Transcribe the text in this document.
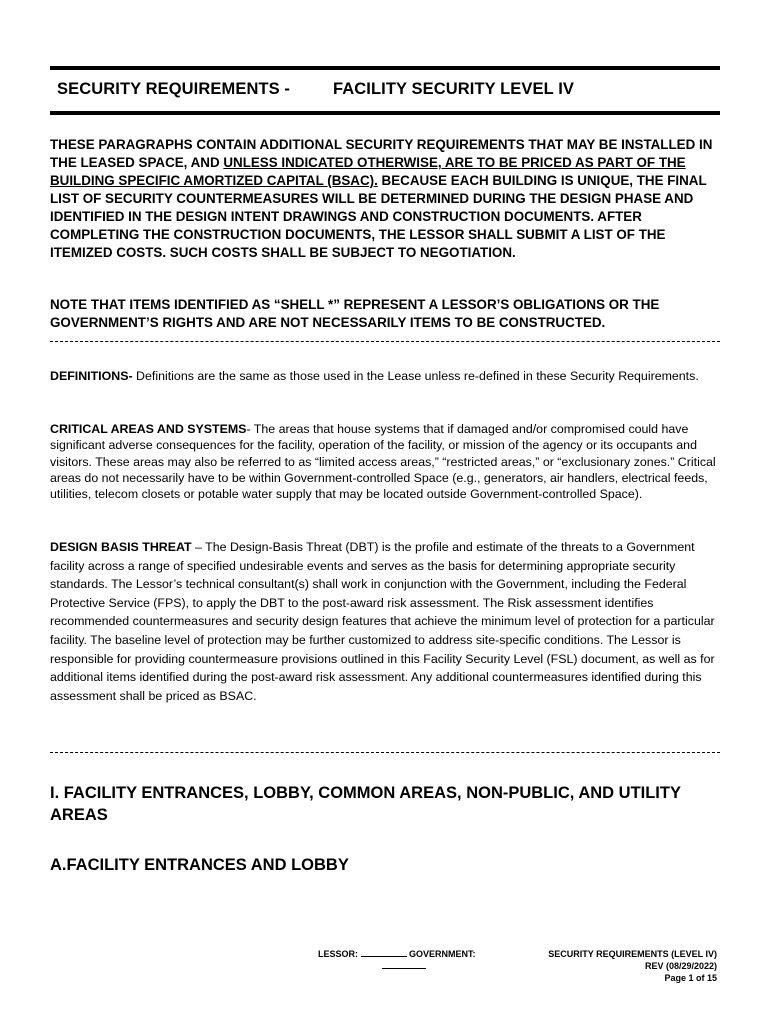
SECURITY REQUIREMENTS -	FACILITY SECURITY LEVEL IV

THESE PARAGRAPHS CONTAIN ADDITIONAL SECURITY REQUIREMENTS THAT MAY BE INSTALLED IN THE LEASED SPACE, AND UNLESS INDICATED OTHERWISE, ARE TO BE PRICED AS PART OF THE BUILDING SPECIFIC AMORTIZED CAPITAL (BSAC). BECAUSE EACH BUILDING IS UNIQUE, THE FINAL LIST OF SECURITY COUNTERMEASURES WILL BE DETERMINED DURING THE DESIGN PHASE AND IDENTIFIED IN THE DESIGN INTENT DRAWINGS AND CONSTRUCTION DOCUMENTS. AFTER COMPLETING THE CONSTRUCTION DOCUMENTS, THE LESSOR SHALL SUBMIT A LIST OF THE ITEMIZED COSTS. SUCH COSTS SHALL BE SUBJECT TO NEGOTIATION.

NOTE THAT ITEMS IDENTIFIED AS “SHELL *” REPRESENT A LESSOR’S OBLIGATIONS OR THE GOVERNMENT’S RIGHTS AND ARE NOT NECESSARILY ITEMS TO BE CONSTRUCTED.

DEFINITIONS- Definitions are the same as those used in the Lease unless re-defined in these Security Requirements.

CRITICAL AREAS AND SYSTEMS- The areas that house systems that if damaged and/or compromised could have significant adverse consequences for the facility, operation of the facility, or mission of the agency or its occupants and visitors. These areas may also be referred to as “limited access areas,” “restricted areas,” or “exclusionary zones.” Critical areas do not necessarily have to be within Government-controlled Space (e.g., generators, air handlers, electrical feeds, utilities, telecom closets or potable water supply that may be located outside Government-controlled Space).

DESIGN BASIS THREAT – The Design-Basis Threat (DBT) is the profile and estimate of the threats to a Government facility across a range of specified undesirable events and serves as the basis for determining appropriate security standards. The Lessor’s technical consultant(s) shall work in conjunction with the Government, including the Federal Protective Service (FPS), to apply the DBT to the post-award risk assessment. The Risk assessment identifies recommended countermeasures and security design features that achieve the minimum level of protection for a particular facility. The baseline level of protection may be further customized to address site-specific conditions. The Lessor is responsible for providing countermeasure provisions outlined in this Facility Security Level (FSL) document, as well as for additional items identified during the post-award risk assessment. Any additional countermeasures identified during this assessment shall be priced as BSAC.

I. FACILITY ENTRANCES, LOBBY, COMMON AREAS, NON-PUBLIC, AND UTILITY AREAS
A.FACILITY ENTRANCES AND LOBBY
LESSOR:	GOVERNMENT:	SECURITY REQUIREMENTS (LEVEL IV)
REV (08/29/2022)
Page 1 of 15
